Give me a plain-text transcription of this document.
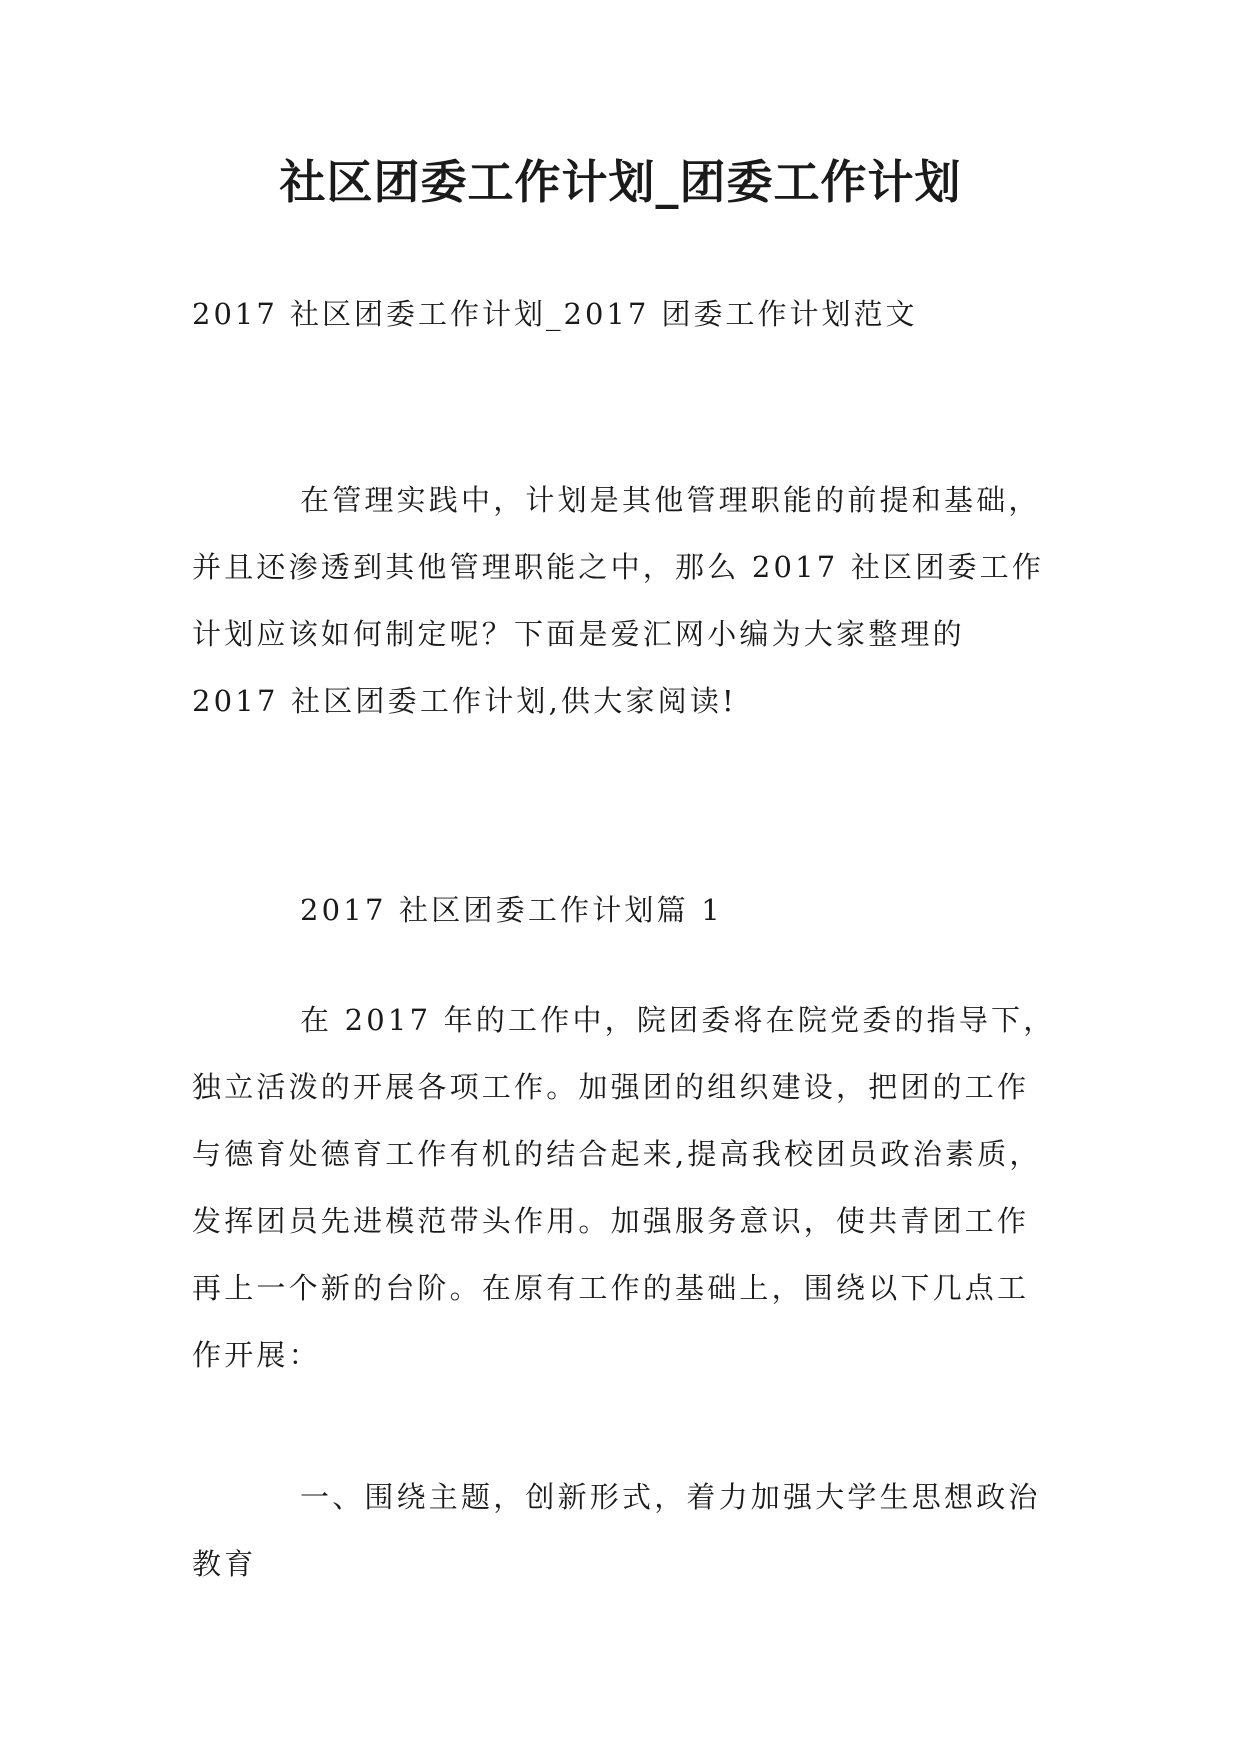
社区团委工作计划_团委工作计划

2017 社区团委工作计划_2017 团委工作计划范文

在管理实践中，计划是其他管理职能的前提和基础，
并且还渗透到其他管理职能之中，那么 2017 社区团委工作
计划应该如何制定呢？下面是爱汇网小编为大家整理的
2017 社区团委工作计划,供大家阅读!

2017 社区团委工作计划篇 1

在 2017 年的工作中，院团委将在院党委的指导下，
独立活泼的开展各项工作。加强团的组织建设，把团的工作
与德育处德育工作有机的结合起来,提高我校团员政治素质，
发挥团员先进模范带头作用。加强服务意识，使共青团工作
再上一个新的台阶。在原有工作的基础上，围绕以下几点工
作开展：

一、围绕主题，创新形式，着力加强大学生思想政治
教育
